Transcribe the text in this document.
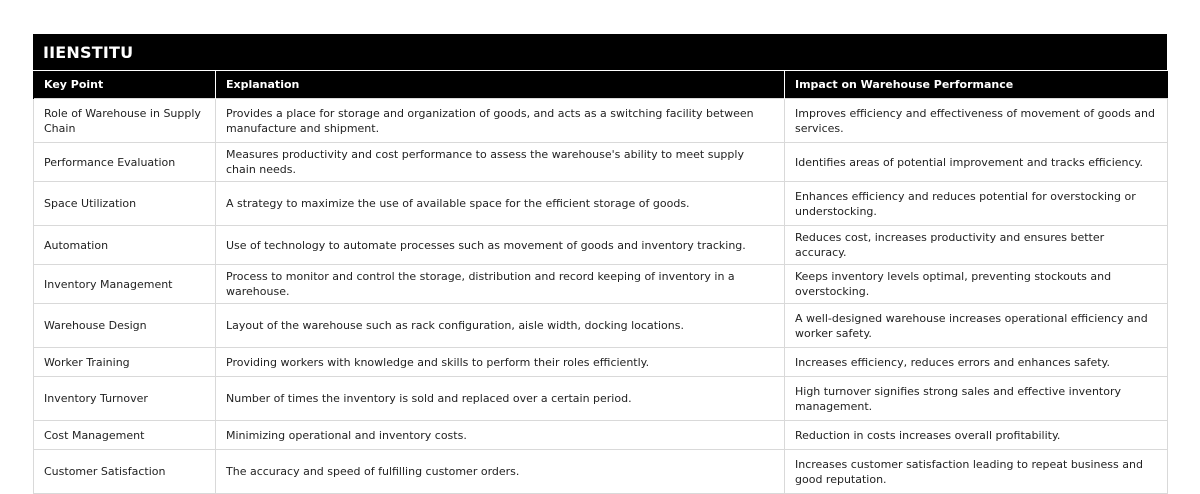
IIENSTITU
Key Point	Explanation	Impact on Warehouse Performance
Role of Warehouse in Supply Chain	Provides a place for storage and organization of goods, and acts as a switching facility between manufacture and shipment.	Improves efficiency and effectiveness of movement of goods and services.
Performance Evaluation	Measures productivity and cost performance to assess the warehouse's ability to meet supply chain needs.	Identifies areas of potential improvement and tracks efficiency.
Space Utilization	A strategy to maximize the use of available space for the efficient storage of goods.	Enhances efficiency and reduces potential for overstocking or understocking.
Automation	Use of technology to automate processes such as movement of goods and inventory tracking.	Reduces cost, increases productivity and ensures better accuracy.
Inventory Management	Process to monitor and control the storage, distribution and record keeping of inventory in a warehouse.	Keeps inventory levels optimal, preventing stockouts and overstocking.
Warehouse Design	Layout of the warehouse such as rack configuration, aisle width, docking locations.	A well-designed warehouse increases operational efficiency and worker safety.
Worker Training	Providing workers with knowledge and skills to perform their roles efficiently.	Increases efficiency, reduces errors and enhances safety.
Inventory Turnover	Number of times the inventory is sold and replaced over a certain period.	High turnover signifies strong sales and effective inventory management.
Cost Management	Minimizing operational and inventory costs.	Reduction in costs increases overall profitability.
Customer Satisfaction	The accuracy and speed of fulfilling customer orders.	Increases customer satisfaction leading to repeat business and good reputation.
